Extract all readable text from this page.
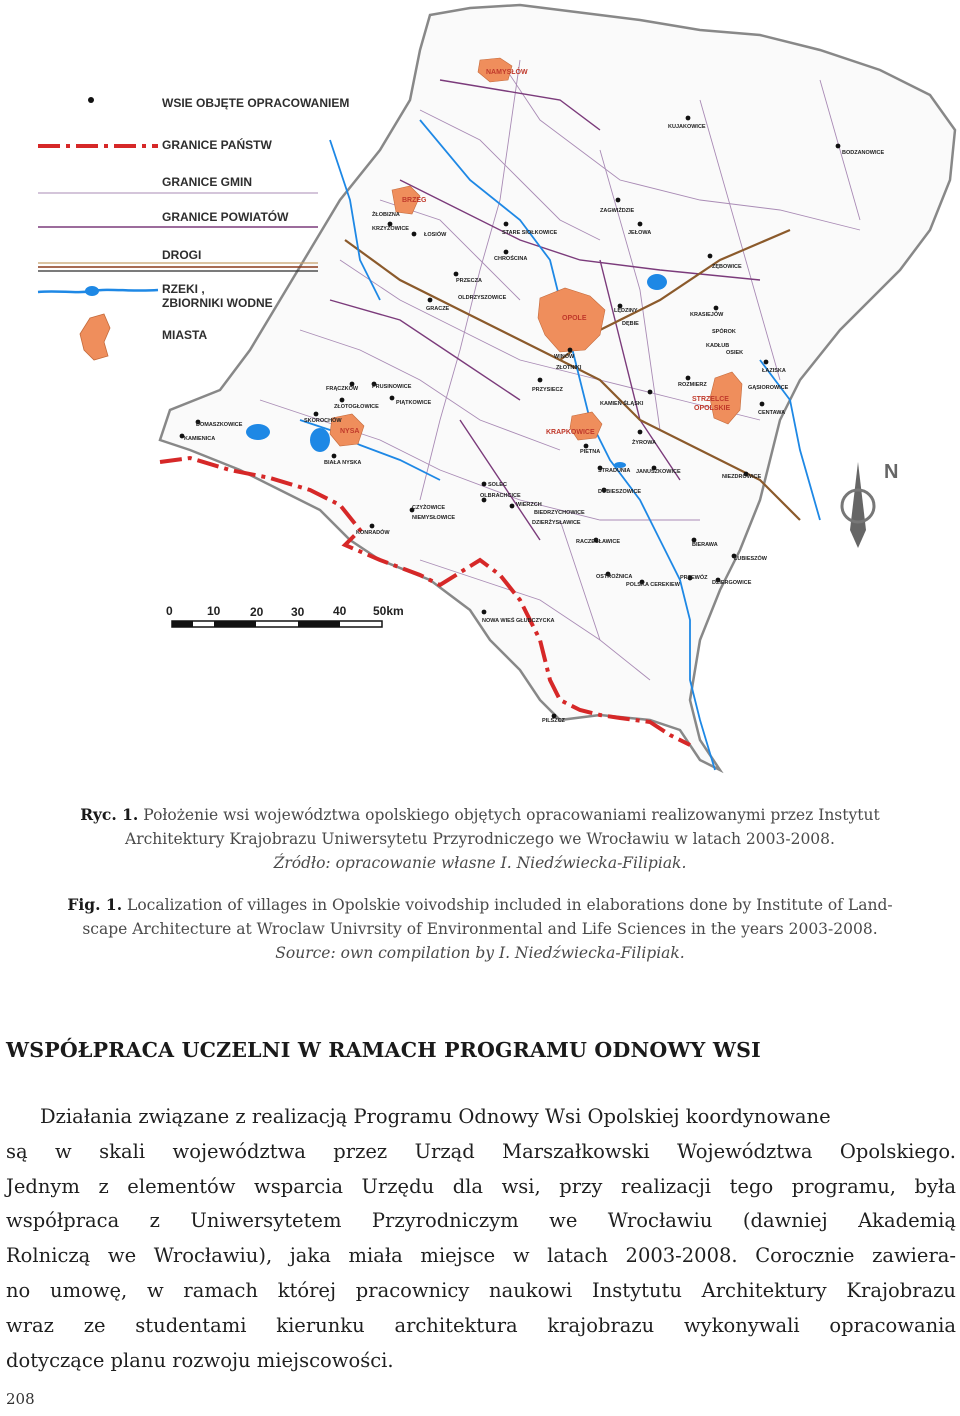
NAMYSŁÓW
BRZEG
OPOLE
NYSA	KRAPKOWICE
STRZELCE
OPOLSKIE
KUJAKOWICE
BODZANOWICE
ZAGWIŹDZIE
JEŁOWA
STARE SIOŁKOWICE
CHROŚCINA
ŻŁOBIZNA
KRZYŻOWICE
ŁOSIÓW
PRZECZA
OLDRZYSZOWICE
GRACZE
ZĘBOWICE
KRASIEJÓW
SPÓROK
KADŁUB
OSIEK
ŁAZISKA
ROZMIERZ	GĄSIOROWICE
CENTAWA
LĘDZINY
DĘBIE
WINÓW
ZŁOTNIKI
PRZYSIECZ
KAMIEŃ ŚLĄSKI
ŻYROWA
PIETNA
FRĄCZKÓW	PRUSINOWICE
ZŁOTOGŁOWICE
PIĄTKOWICE
SKOROCHÓW
DOMASZKOWICE
KAMIENICA
BIAŁA NYSKA
SOLEC
OLBRACHCICE
WIERZCH
CZYŻOWICE
NIEMYSŁOWICE
BIEDRZYCHOWICE
DZIERŻYSŁAWICE
KONRADÓW
STRADUNIA JANUSZKOWICE
DOBIESZOWICE
NIEZDROWICE
RACZESŁAWICE	BIERAWA
LUBIESZÓW
OSTROŻNICA
POLSKA CEREKIEW
PRZEWÓZ
DZIERGOWICE
NOWA WIEŚ GŁUBCZYCKA
PILSZCZ
WSIE OBJĘTE OPRACOWANIEM
GRANICE PAŃSTW
GRANICE GMIN
GRANICE POWIATÓW
DROGI
RZEKI ,
ZBIORNIKI WODNE
MIASTA
N
0	10 20 30 40 50km
Ryc. 1. Położenie wsi województwa opolskiego objętych opracowaniami realizowanymi przez Instytut
Architektury Krajobrazu Uniwersytetu Przyrodniczego we Wrocławiu w latach 2003-2008.
Źródło: opracowanie własne I. Niedźwiecka-Filipiak.
Fig. 1. Localization of villages in Opolskie voivodship included in elaborations done by Institute of Land-
scape Architecture at Wroclaw Univrsity of Environmental and Life Sciences in the years 2003-2008.
Source: own compilation by I. Niedźwiecka-Filipiak.
WSPÓŁPRACA UCZELNI W RAMACH PROGRAMU ODNOWY WSI

Działania związane z realizacją Programu Odnowy Wsi Opolskiej koordynowane

są w skali województwa przez Urząd Marszałkowski Województwa Opolskiego.

Jednym z elementów wsparcia Urzędu dla wsi, przy realizacji tego programu, była

współpraca z Uniwersytetem Przyrodniczym we Wrocławiu (dawniej Akademią

Rolniczą we Wrocławiu), jaka miała miejsce w latach 2003-2008. Corocznie zawiera-

no umowę, w ramach której pracownicy naukowi Instytutu Architektury Krajobrazu

wraz ze studentami kierunku architektura krajobrazu wykonywali opracowania

dotyczące planu rozwoju miejscowości.

208
